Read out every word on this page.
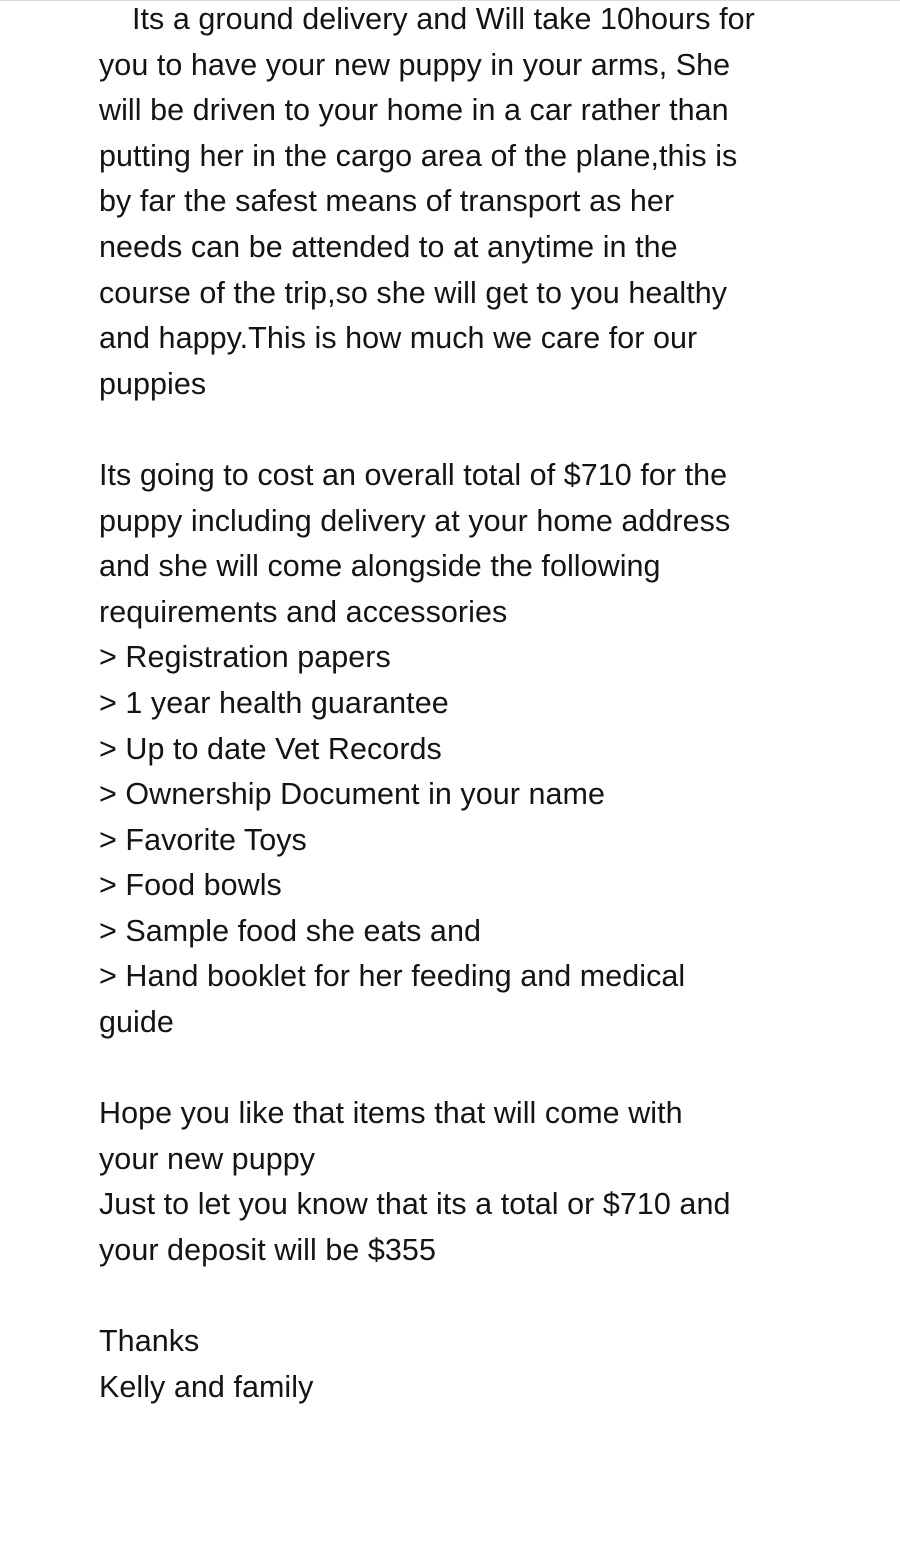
Its a ground delivery and Will take 10hours for
you to have your new puppy in your arms, She
will be driven to your home in a car rather than
putting her in the cargo area of the plane,this is
by far the safest means of transport as her
needs can be attended to at anytime in the
course of the trip,so she will get to you healthy
and happy.This is how much we care for our
puppies
Its going to cost an overall total of $710 for the
puppy including delivery at your home address
and she will come alongside the following
requirements and accessories
> Registration papers
> 1 year health guarantee
> Up to date Vet Records
> Ownership Document in your name
> Favorite Toys
> Food bowls
> Sample food she eats and
> Hand booklet for her feeding and medical
guide
Hope you like that items that will come with
your new puppy
Just to let you know that its a total or $710 and
your deposit will be $355
Thanks
Kelly and family
